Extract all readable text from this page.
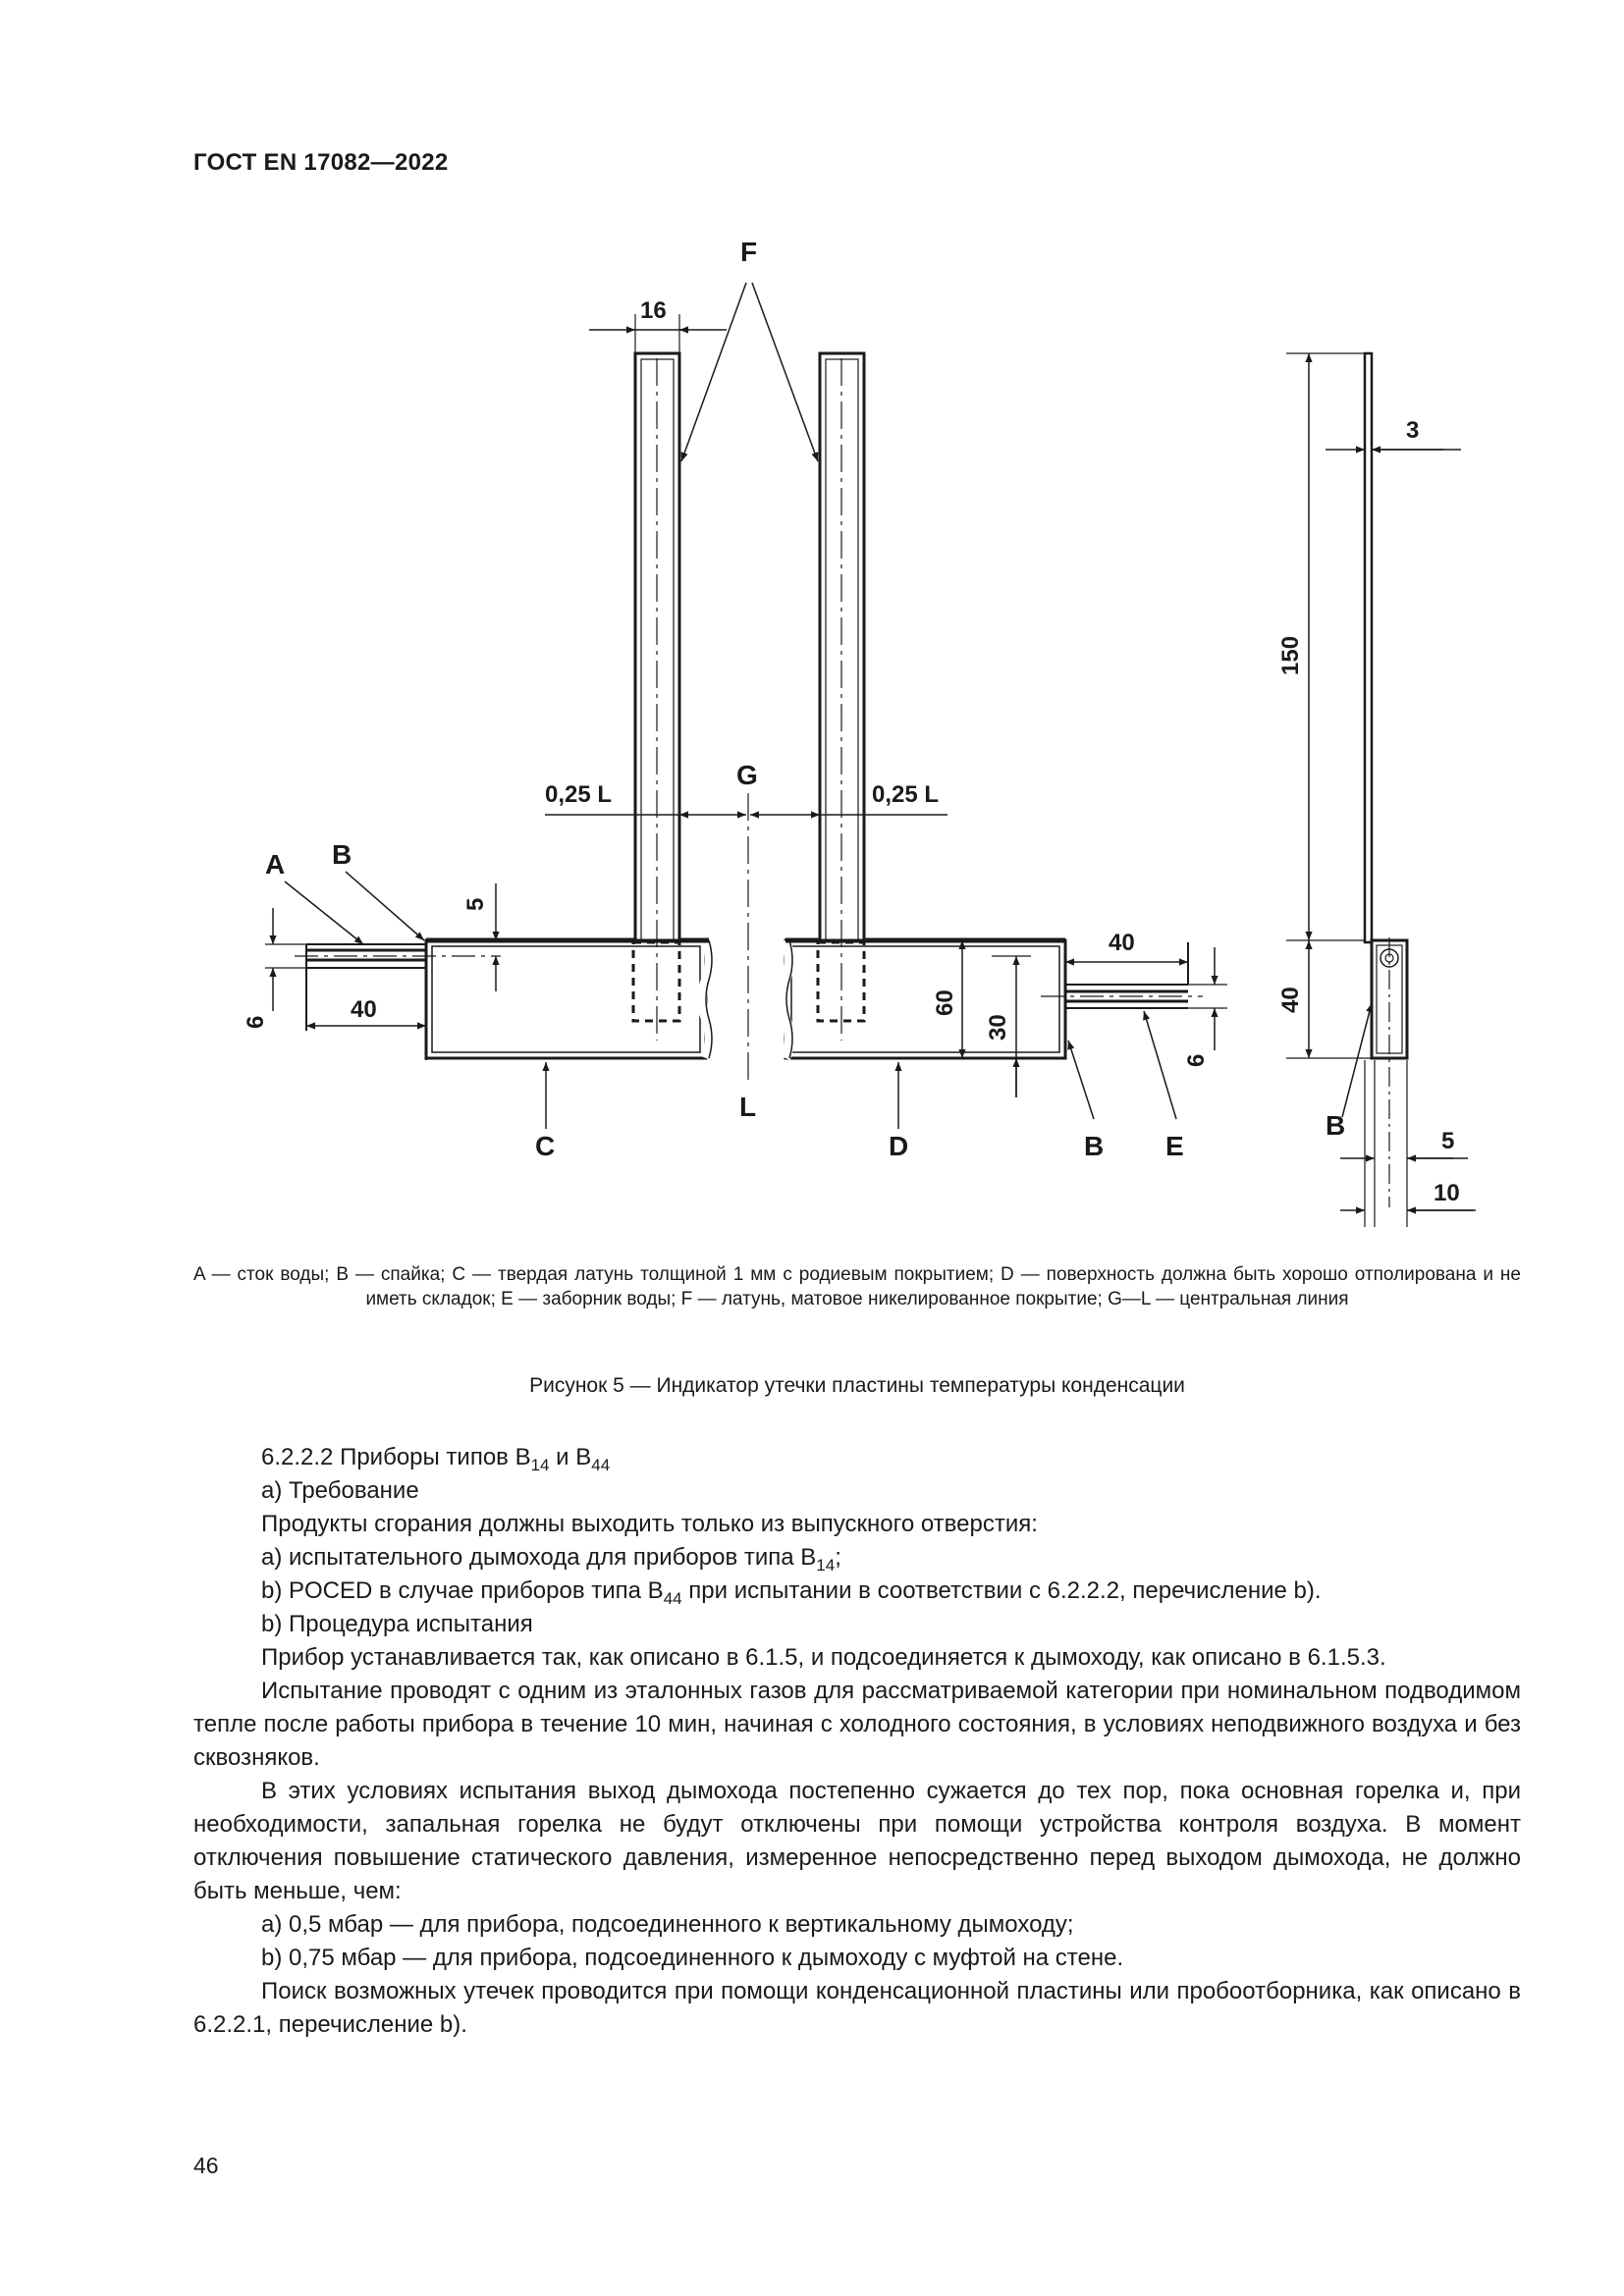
ГОСТ EN 17082—2022
F
G
L
A B
C	D	B E
B
16
0,25 L	0,25 L
5
6	40
40
60
30
6
3
150
40
5
10
A — сток воды; B — спайка; C — твердая латунь толщиной 1 мм с родиевым покрытием; D — поверхность должна быть хорошо отполирована и не иметь складок; E — заборник воды; F — латунь, матовое никелированное покрытие; G—L — центральная линия
Рисунок 5 — Индикатор утечки пластины температуры конденсации

6.2.2.2 Приборы типов $B_{14}$ и $B_{44}$

a) Требование

Продукты сгорания должны выходить только из выпускного отверстия:

a) испытательного дымохода для приборов типа $B_{14}$;

b) POCED в случае приборов типа $B_{44}$ при испытании в соответствии с 6.2.2.2, перечисление b).

b) Процедура испытания

Прибор устанавливается так, как описано в 6.1.5, и подсоединяется к дымоходу, как описано в 6.1.5.3.

Испытание проводят с одним из эталонных газов для рассматриваемой категории при номинальном подводимом тепле после работы прибора в течение 10 мин, начиная с холодного состояния, в условиях неподвижного воздуха и без сквозняков.

В этих условиях испытания выход дымохода постепенно сужается до тех пор, пока основная горелка и, при необходимости, запальная горелка не будут отключены при помощи устройства контроля воздуха. В момент отключения повышение статического давления, измеренное непосредственно перед выходом дымохода, не должно быть меньше, чем:

a) 0,5 мбар — для прибора, подсоединенного к вертикальному дымоходу;

b) 0,75 мбар — для прибора, подсоединенного к дымоходу с муфтой на стене.

Поиск возможных утечек проводится при помощи конденсационной пластины или пробоотборника, как описано в 6.2.2.1, перечисление b).

46
